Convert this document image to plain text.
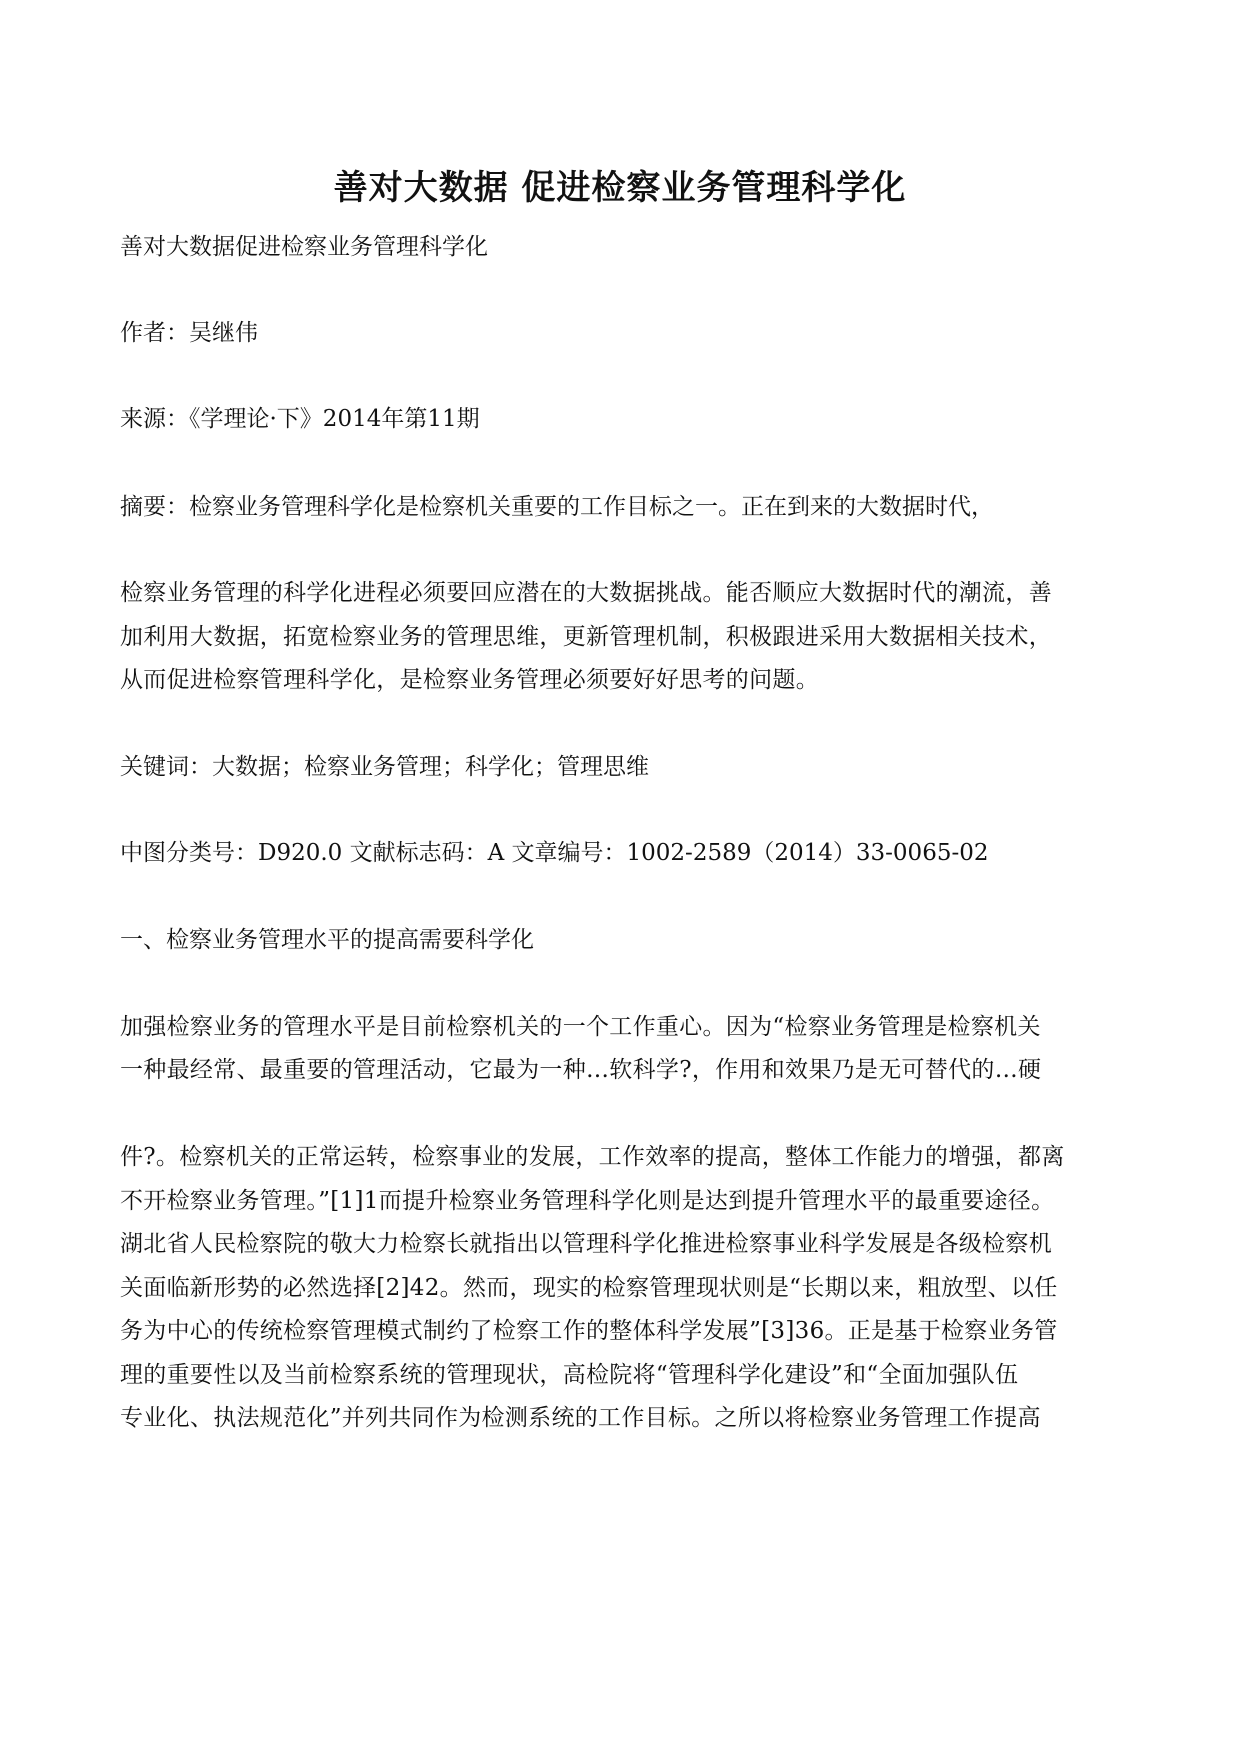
善对大数据 促进检察业务管理科学化

善对大数据促进检察业务管理科学化

作者：吴继伟

来源：《学理论·下》2014年第11期

摘要：检察业务管理科学化是检察机关重要的工作目标之一。正在到来的大数据时代，

检察业务管理的科学化进程必须要回应潜在的大数据挑战。能否顺应大数据时代的潮流，善

加利用大数据，拓宽检察业务的管理思维，更新管理机制，积极跟进采用大数据相关技术，

从而促进检察管理科学化，是检察业务管理必须要好好思考的问题。

关键词：大数据；检察业务管理；科学化；管理思维

中图分类号：D920.0 文献标志码：A 文章编号：1002-2589（2014）33-0065-02

一、检察业务管理水平的提高需要科学化

加强检察业务的管理水平是目前检察机关的一个工作重心。因为“检察业务管理是检察机关

一种最经常、最重要的管理活动，它最为一种…软科学?，作用和效果乃是无可替代的…硬

件?。检察机关的正常运转，检察事业的发展，工作效率的提高，整体工作能力的增强，都离

不开检察业务管理。”[1]1而提升检察业务管理科学化则是达到提升管理水平的最重要途径。

湖北省人民检察院的敬大力检察长就指出以管理科学化推进检察事业科学发展是各级检察机

关面临新形势的必然选择[2]42。然而，现实的检察管理现状则是“长期以来，粗放型、以任

务为中心的传统检察管理模式制约了检察工作的整体科学发展”[3]36。正是基于检察业务管

理的重要性以及当前检察系统的管理现状，高检院将“管理科学化建设”和“全面加强队伍

专业化、执法规范化”并列共同作为检测系统的工作目标。之所以将检察业务管理工作提高
